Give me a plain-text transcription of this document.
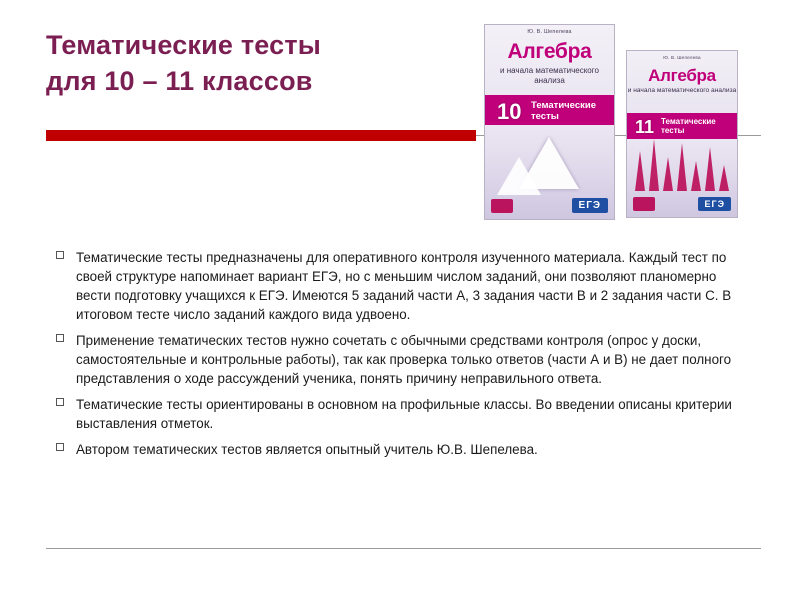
Тематические тесты
для 10 – 11 классов
Ю. В. Шепелева
Алгебра
и начала математического анализа
10 Тематические тесты
ЕГЭ
Ю. В. Шепелева
Алгебра
и начала математического анализа
11 Тематические тесты
ЕГЭ
Тематические тесты предназначены для оперативного контроля изученного материала. Каждый тест по своей структуре напоминает вариант ЕГЭ, но с меньшим числом заданий, они позволяют планомерно вести подготовку учащихся к ЕГЭ. Имеются 5 заданий части А, 3 задания части В и 2 задания части С. В итоговом тесте число заданий каждого вида удвоено.
Применение тематических тестов нужно сочетать с обычными средствами контроля (опрос у доски, самостоятельные и контрольные работы), так как проверка только ответов (части А и В) не дает полного представления о ходе рассуждений ученика, понять причину неправильного ответа.
Тематические тесты ориентированы в основном на профильные классы. Во введении описаны критерии выставления отметок.
Автором тематических тестов является опытный учитель Ю.В. Шепелева.
